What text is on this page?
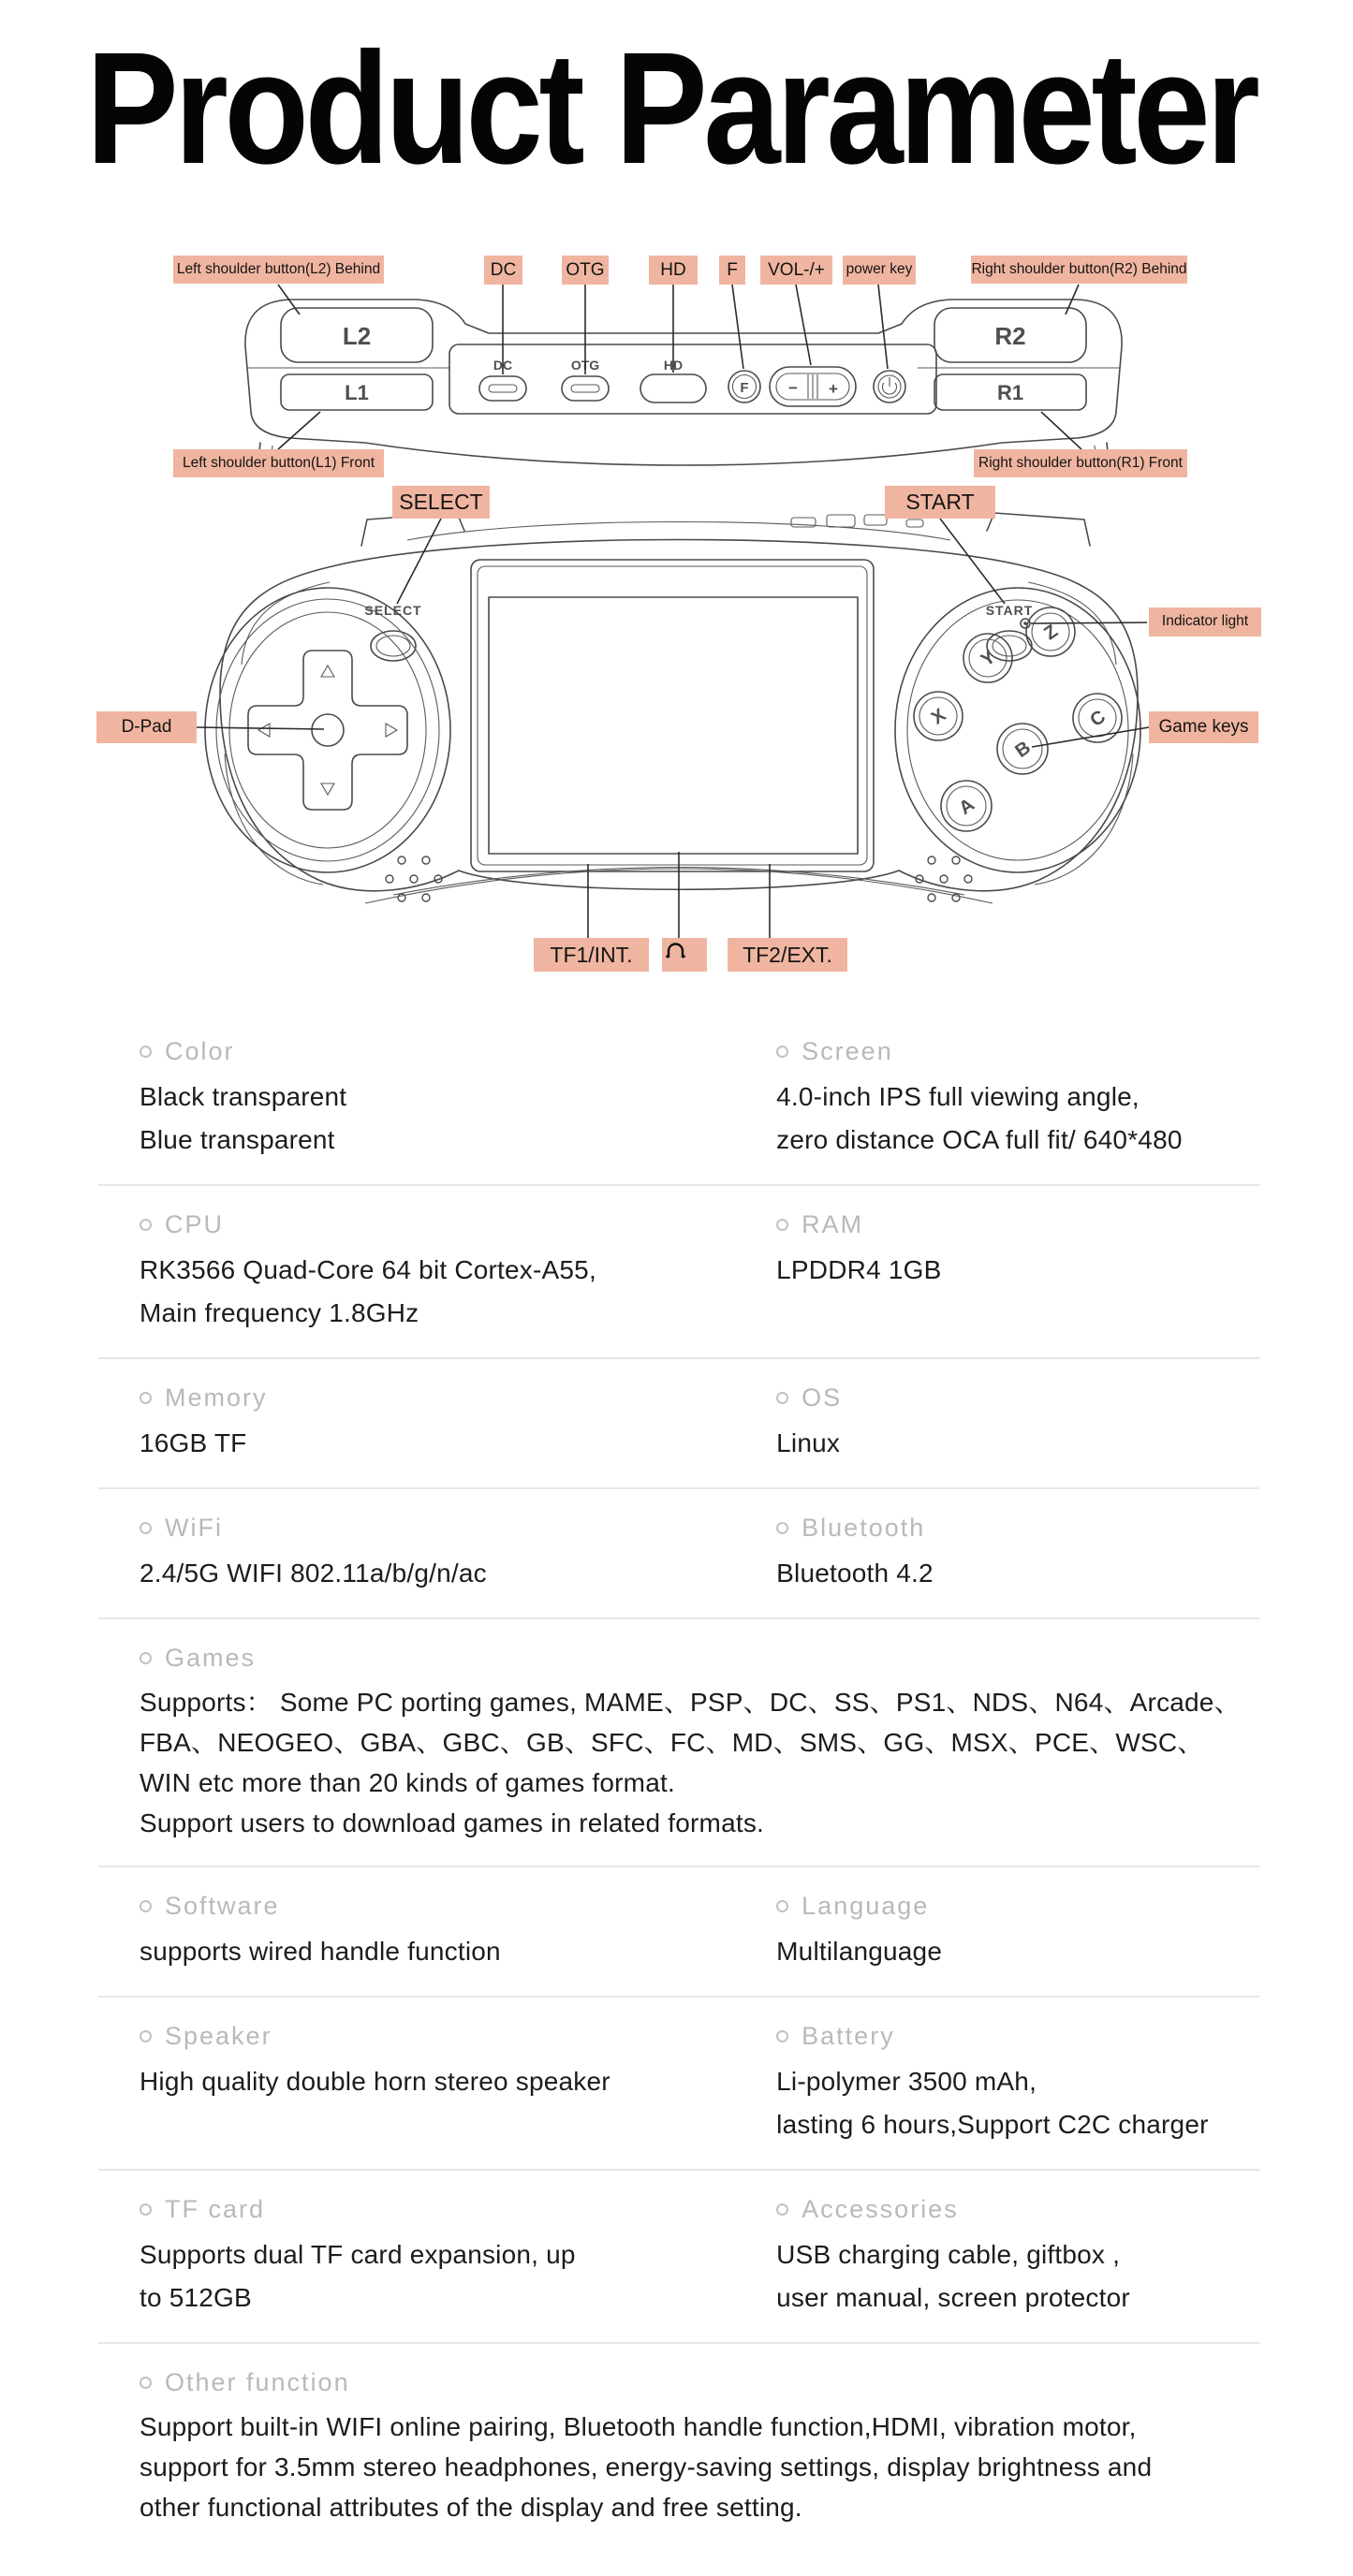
Product Parameter
L2
L1
R2
R1
DC	OTG	HD
F − +
Left shoulder button(L2) Behind	DC	OTG	HD	F	VOL-/+	power key	Right shoulder button(R2) Behind
Left shoulder button(L1) Front	Right shoulder button(R1) Front
SELECT	START
Z
Y
X	C
B
A
SELECT	START
Indicator light
D-Pad	Game keys
TF1/INT.	TF2/EXT.
Color

Black transparent

Blue transparent

Screen

4.0-inch IPS full viewing angle,

zero distance OCA full fit/ 640*480

CPU

RK3566 Quad-Core 64 bit Cortex-A55,

Main frequency 1.8GHz

RAM

LPDDR4 1GB

Memory

16GB TF

OS

Linux

WiFi

2.4/5G WIFI 802.11a/b/g/n/ac

Bluetooth

Bluetooth 4.2

Games

Supports： Some PC porting games, MAME、PSP、DC、SS、PS1、NDS、N64、Arcade、

FBA、NEOGEO、GBA、GBC、GB、SFC、FC、MD、SMS、GG、MSX、PCE、WSC、

WIN etc more than 20 kinds of games format.

Support users to download games in related formats.

Software

supports wired handle function

Language

Multilanguage

Speaker

High quality double horn stereo speaker

Battery

Li-polymer 3500 mAh,

lasting 6 hours,Support C2C charger

TF card

Supports dual TF card expansion, up

to 512GB

Accessories

USB charging cable, giftbox ,

user manual, screen protector

Other function

Support built-in WIFI online pairing, Bluetooth handle function,HDMI, vibration motor,

support for 3.5mm stereo headphones, energy-saving settings, display brightness and

other functional attributes of the display and free setting.
